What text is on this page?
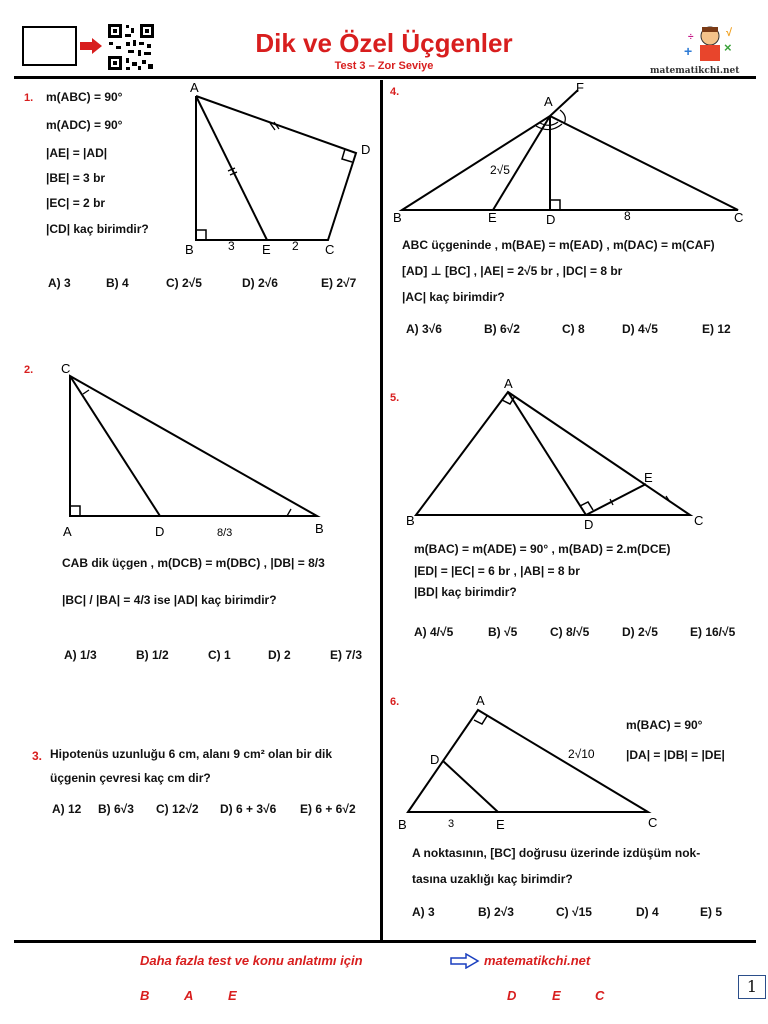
Dik ve Özel Üçgenler
Test 3 – Zor Seviye
+ ×
÷	√
matematikchi.net
1. m(ABC) = 90°
m(ADC) = 90°
|AE| = |AD|
|BE| = 3 br
|EC| = 2 br
|CD| kaç birimdir?
A
B	C
D
E
3	2
A) 3	B) 4	C) 2√5	D) 2√6	E) 2√7
2. C
A	D	B
8/3
CAB dik üçgen , m(DCB) = m(DBC) , |DB| = 8/3
|BC| / |BA| = 4/3 ise |AD| kaç birimdir?
A) 1/3	B) 1/2	C) 1	D) 2	E) 7/3
3. Hipotenüs uzunluğu 6 cm, alanı 9 cm² olan bir dik
üçgenin çevresi kaç cm dir?
A) 12 B) 6√3 C) 12√2 D) 6 + 3√6 E) 6 + 6√2
4.
A
F
B	E	D	C
2√5
8
ABC üçgeninde , m(BAE) = m(EAD) , m(DAC) = m(CAF)
[AD] ⊥ [BC] , |AE| = 2√5 br , |DC| = 8 br
|AC| kaç birimdir?
A) 3√6	B) 6√2	C) 8	D) 4√5	E) 12
5.
A
B	D
E
C
m(BAC) = m(ADE) = 90° , m(BAD) = 2.m(DCE)
|ED| = |EC| = 6 br , |AB| = 8 br
|BD| kaç birimdir?
A) 4/√5	B) √5	C) 8/√5	D) 2√5	E) 16/√5
6.	A
D
B	E	C
3
2√10
m(BAC) = 90°
|DA| = |DB| = |DE|
A noktasının, [BC] doğrusu üzerinde izdüşüm nok-
tasına uzaklığı kaç birimdir?
A) 3	B) 2√3	C) √15	D) 4	E) 5
Daha fazla test ve konu anlatımı için	matematikchi.net
B	A	E	D	E	C	1
